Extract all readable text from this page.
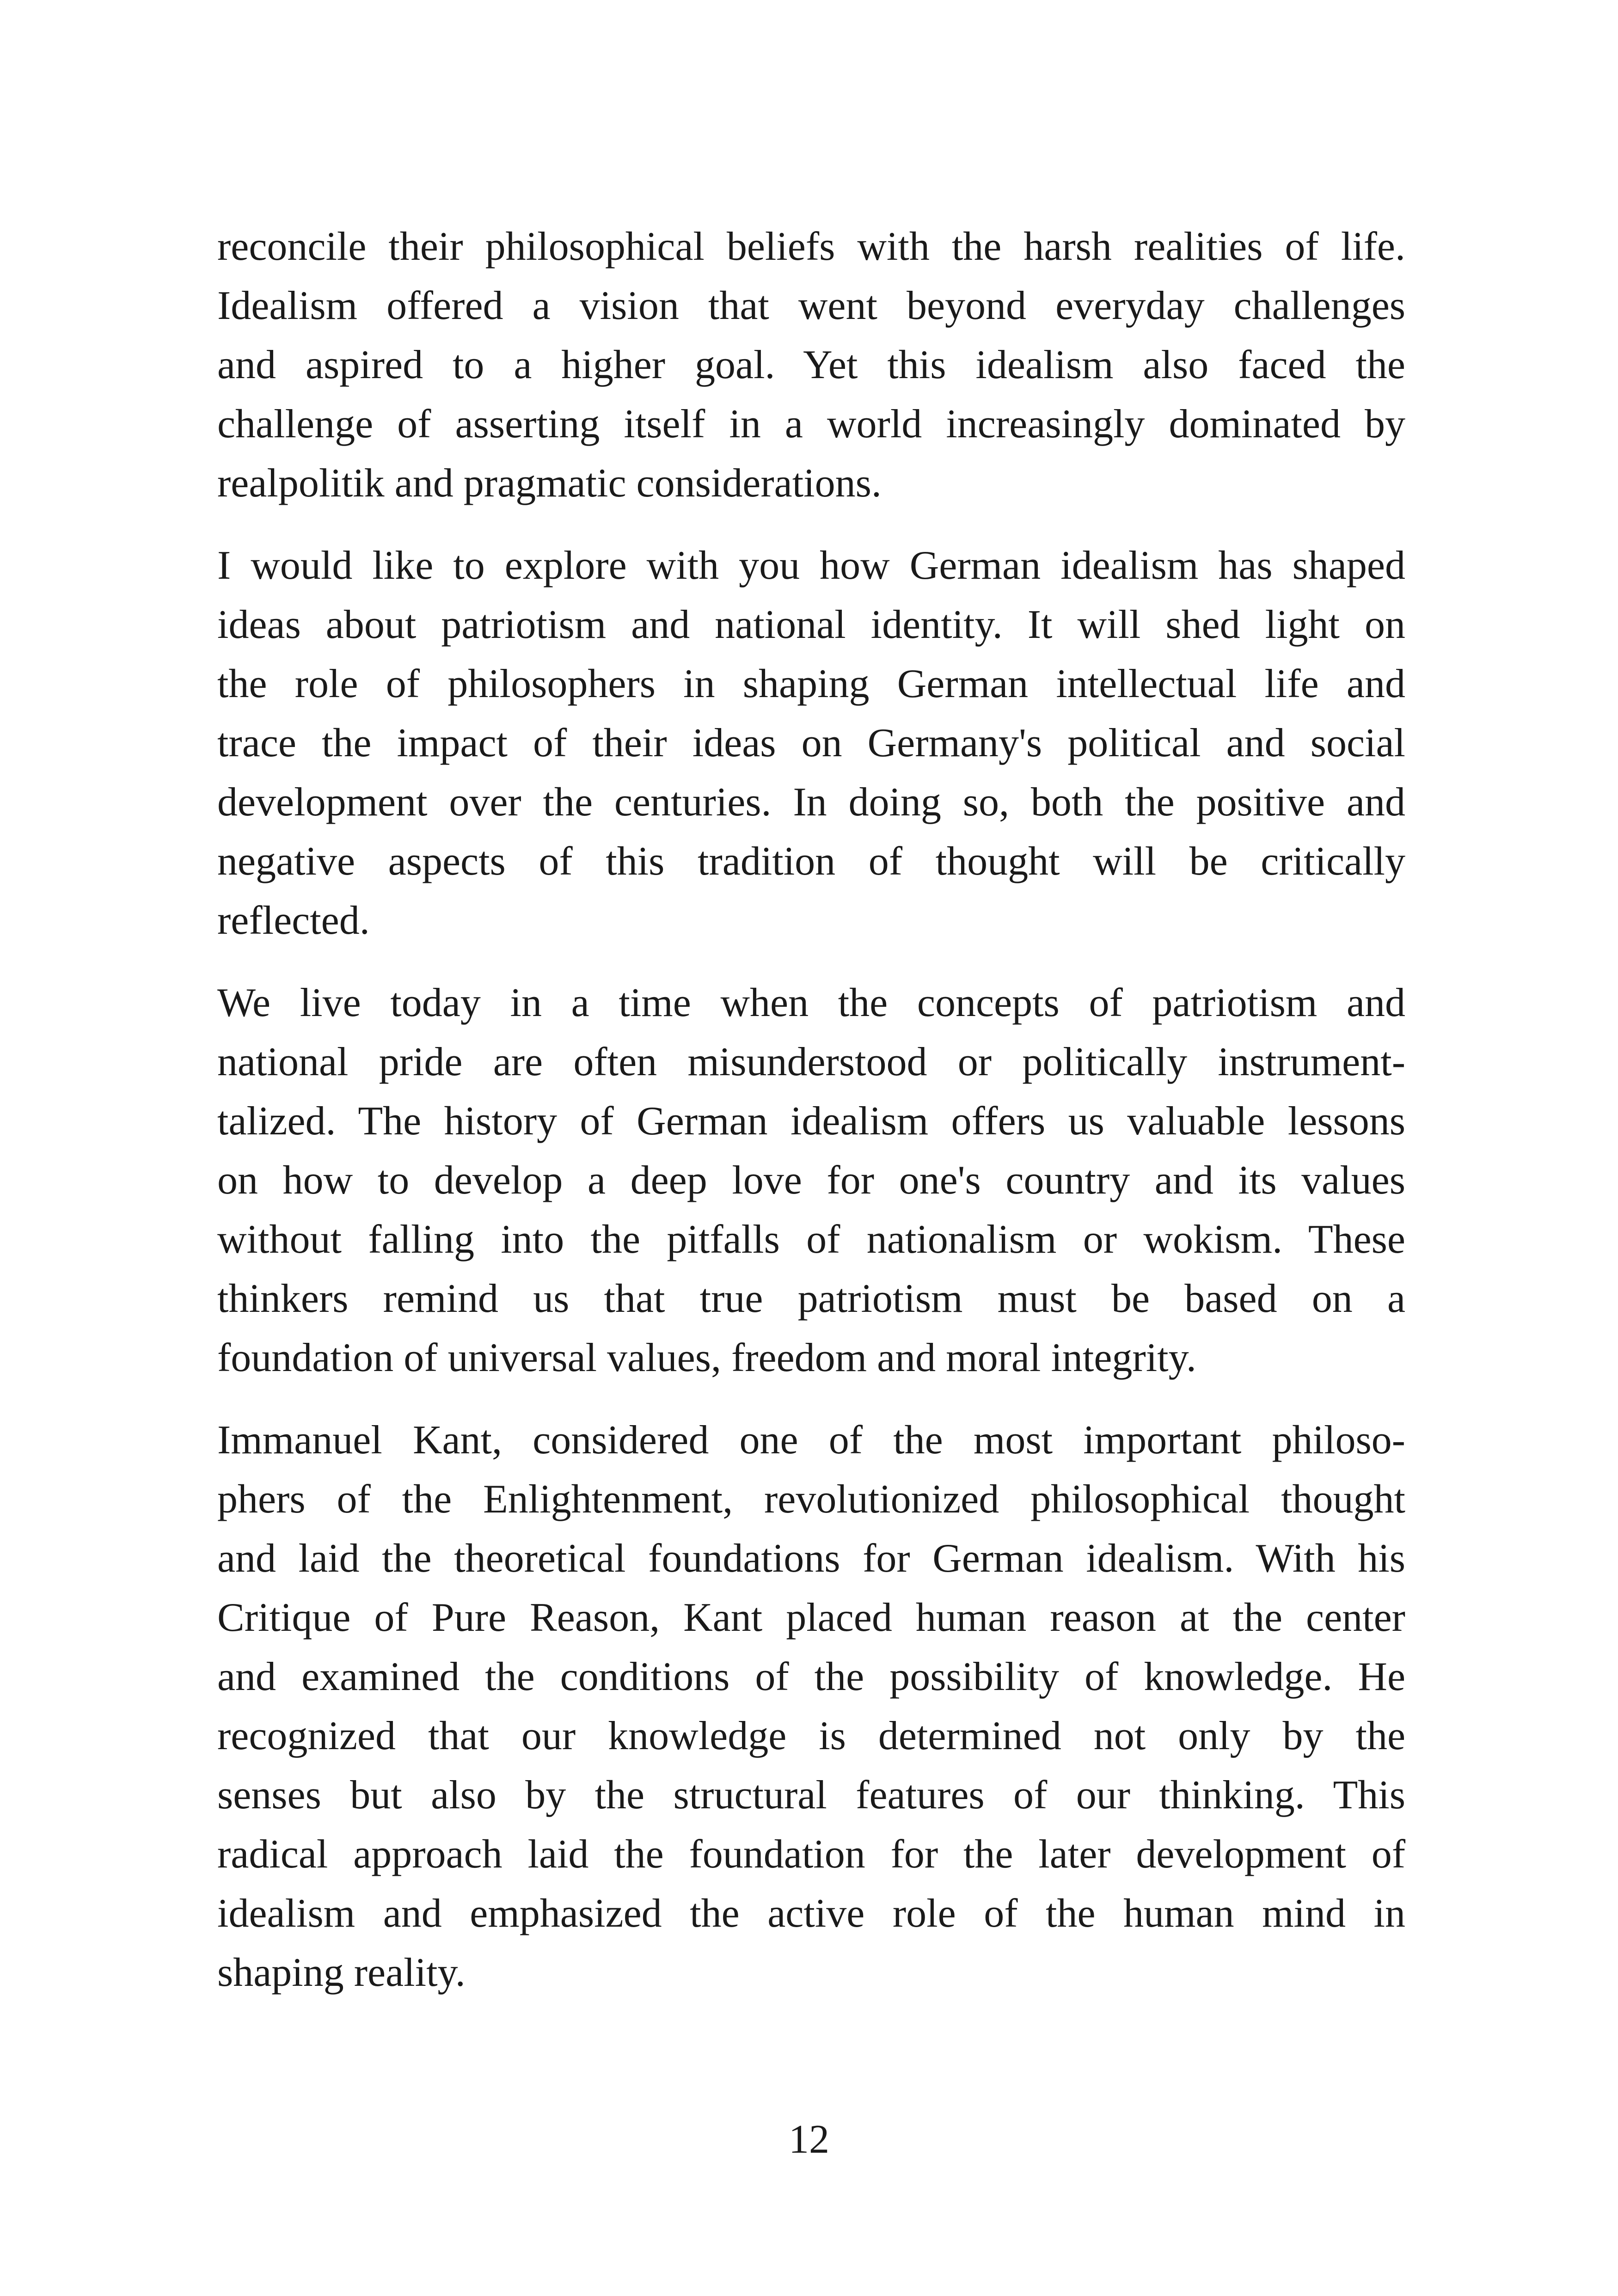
reconcile their philosophical beliefs with the harsh realities of life.
Idealism offered a vision that went beyond everyday challenges
and aspired to a higher goal. Yet this idealism also faced the
challenge of asserting itself in a world increasingly dominated by
realpolitik and pragmatic considerations.

I would like to explore with you how German idealism has shaped
ideas about patriotism and national identity. It will shed light on
the role of philosophers in shaping German intellectual life and
trace the impact of their ideas on Germany's political and social
development over the centuries. In doing so, both the positive and
negative aspects of this tradition of thought will be critically
reflected.

We live today in a time when the concepts of patriotism and
national pride are often misunderstood or politically instrument-
talized. The history of German idealism offers us valuable lessons
on how to develop a deep love for one's country and its values
without falling into the pitfalls of nationalism or wokism. These
thinkers remind us that true patriotism must be based on a
foundation of universal values, freedom and moral integrity.

Immanuel Kant, considered one of the most important philoso-
phers of the Enlightenment, revolutionized philosophical thought
and laid the theoretical foundations for German idealism. With his
Critique of Pure Reason, Kant placed human reason at the center
and examined the conditions of the possibility of knowledge. He
recognized that our knowledge is determined not only by the
senses but also by the structural features of our thinking. This
radical approach laid the foundation for the later development of
idealism and emphasized the active role of the human mind in
shaping reality.

12
